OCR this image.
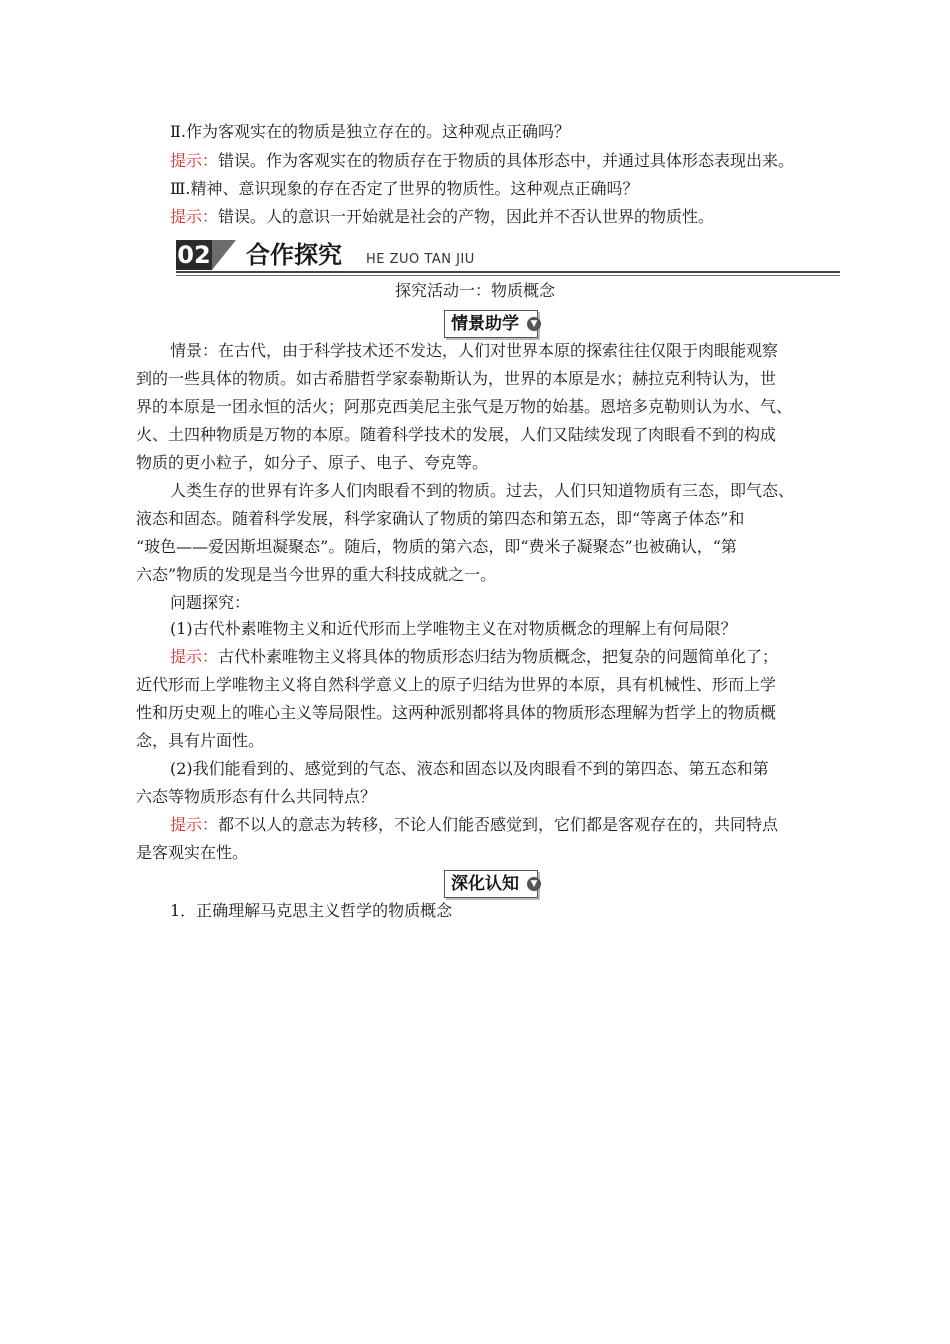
Ⅱ.作为客观实在的物质是独立存在的。这种观点正确吗？
提示：错误。作为客观实在的物质存在于物质的具体形态中，并通过具体形态表现出来。
Ⅲ.精神、意识现象的存在否定了世界的物质性。这种观点正确吗？
提示：错误。人的意识一开始就是社会的产物，因此并不否认世界的物质性。
02 合作探究 HE ZUO TAN JIU
探究活动一：物质概念
情景助学	▼
情景：在古代，由于科学技术还不发达，人们对世界本原的探索往往仅限于肉眼能观察
到的一些具体的物质。如古希腊哲学家泰勒斯认为，世界的本原是水；赫拉克利特认为，世
界的本原是一团永恒的活火；阿那克西美尼主张气是万物的始基。恩培多克勒则认为水、气、
火、土四种物质是万物的本原。随着科学技术的发展，人们又陆续发现了肉眼看不到的构成
物质的更小粒子，如分子、原子、电子、夸克等。
人类生存的世界有许多人们肉眼看不到的物质。过去，人们只知道物质有三态，即气态、
液态和固态。随着科学发展，科学家确认了物质的第四态和第五态，即“等离子体态”和
“玻色——爱因斯坦凝聚态”。随后，物质的第六态，即“费米子凝聚态”也被确认，“第
六态”物质的发现是当今世界的重大科技成就之一。
问题探究：
(1)古代朴素唯物主义和近代形而上学唯物主义在对物质概念的理解上有何局限？
提示：古代朴素唯物主义将具体的物质形态归结为物质概念，把复杂的问题简单化了；
近代形而上学唯物主义将自然科学意义上的原子归结为世界的本原，具有机械性、形而上学
性和历史观上的唯心主义等局限性。这两种派别都将具体的物质形态理解为哲学上的物质概
念，具有片面性。
(2)我们能看到的、感觉到的气态、液态和固态以及肉眼看不到的第四态、第五态和第
六态等物质形态有什么共同特点？
提示：都不以人的意志为转移，不论人们能否感觉到，它们都是客观存在的，共同特点
是客观实在性。
深化认知	▼
1．正确理解马克思主义哲学的物质概念
